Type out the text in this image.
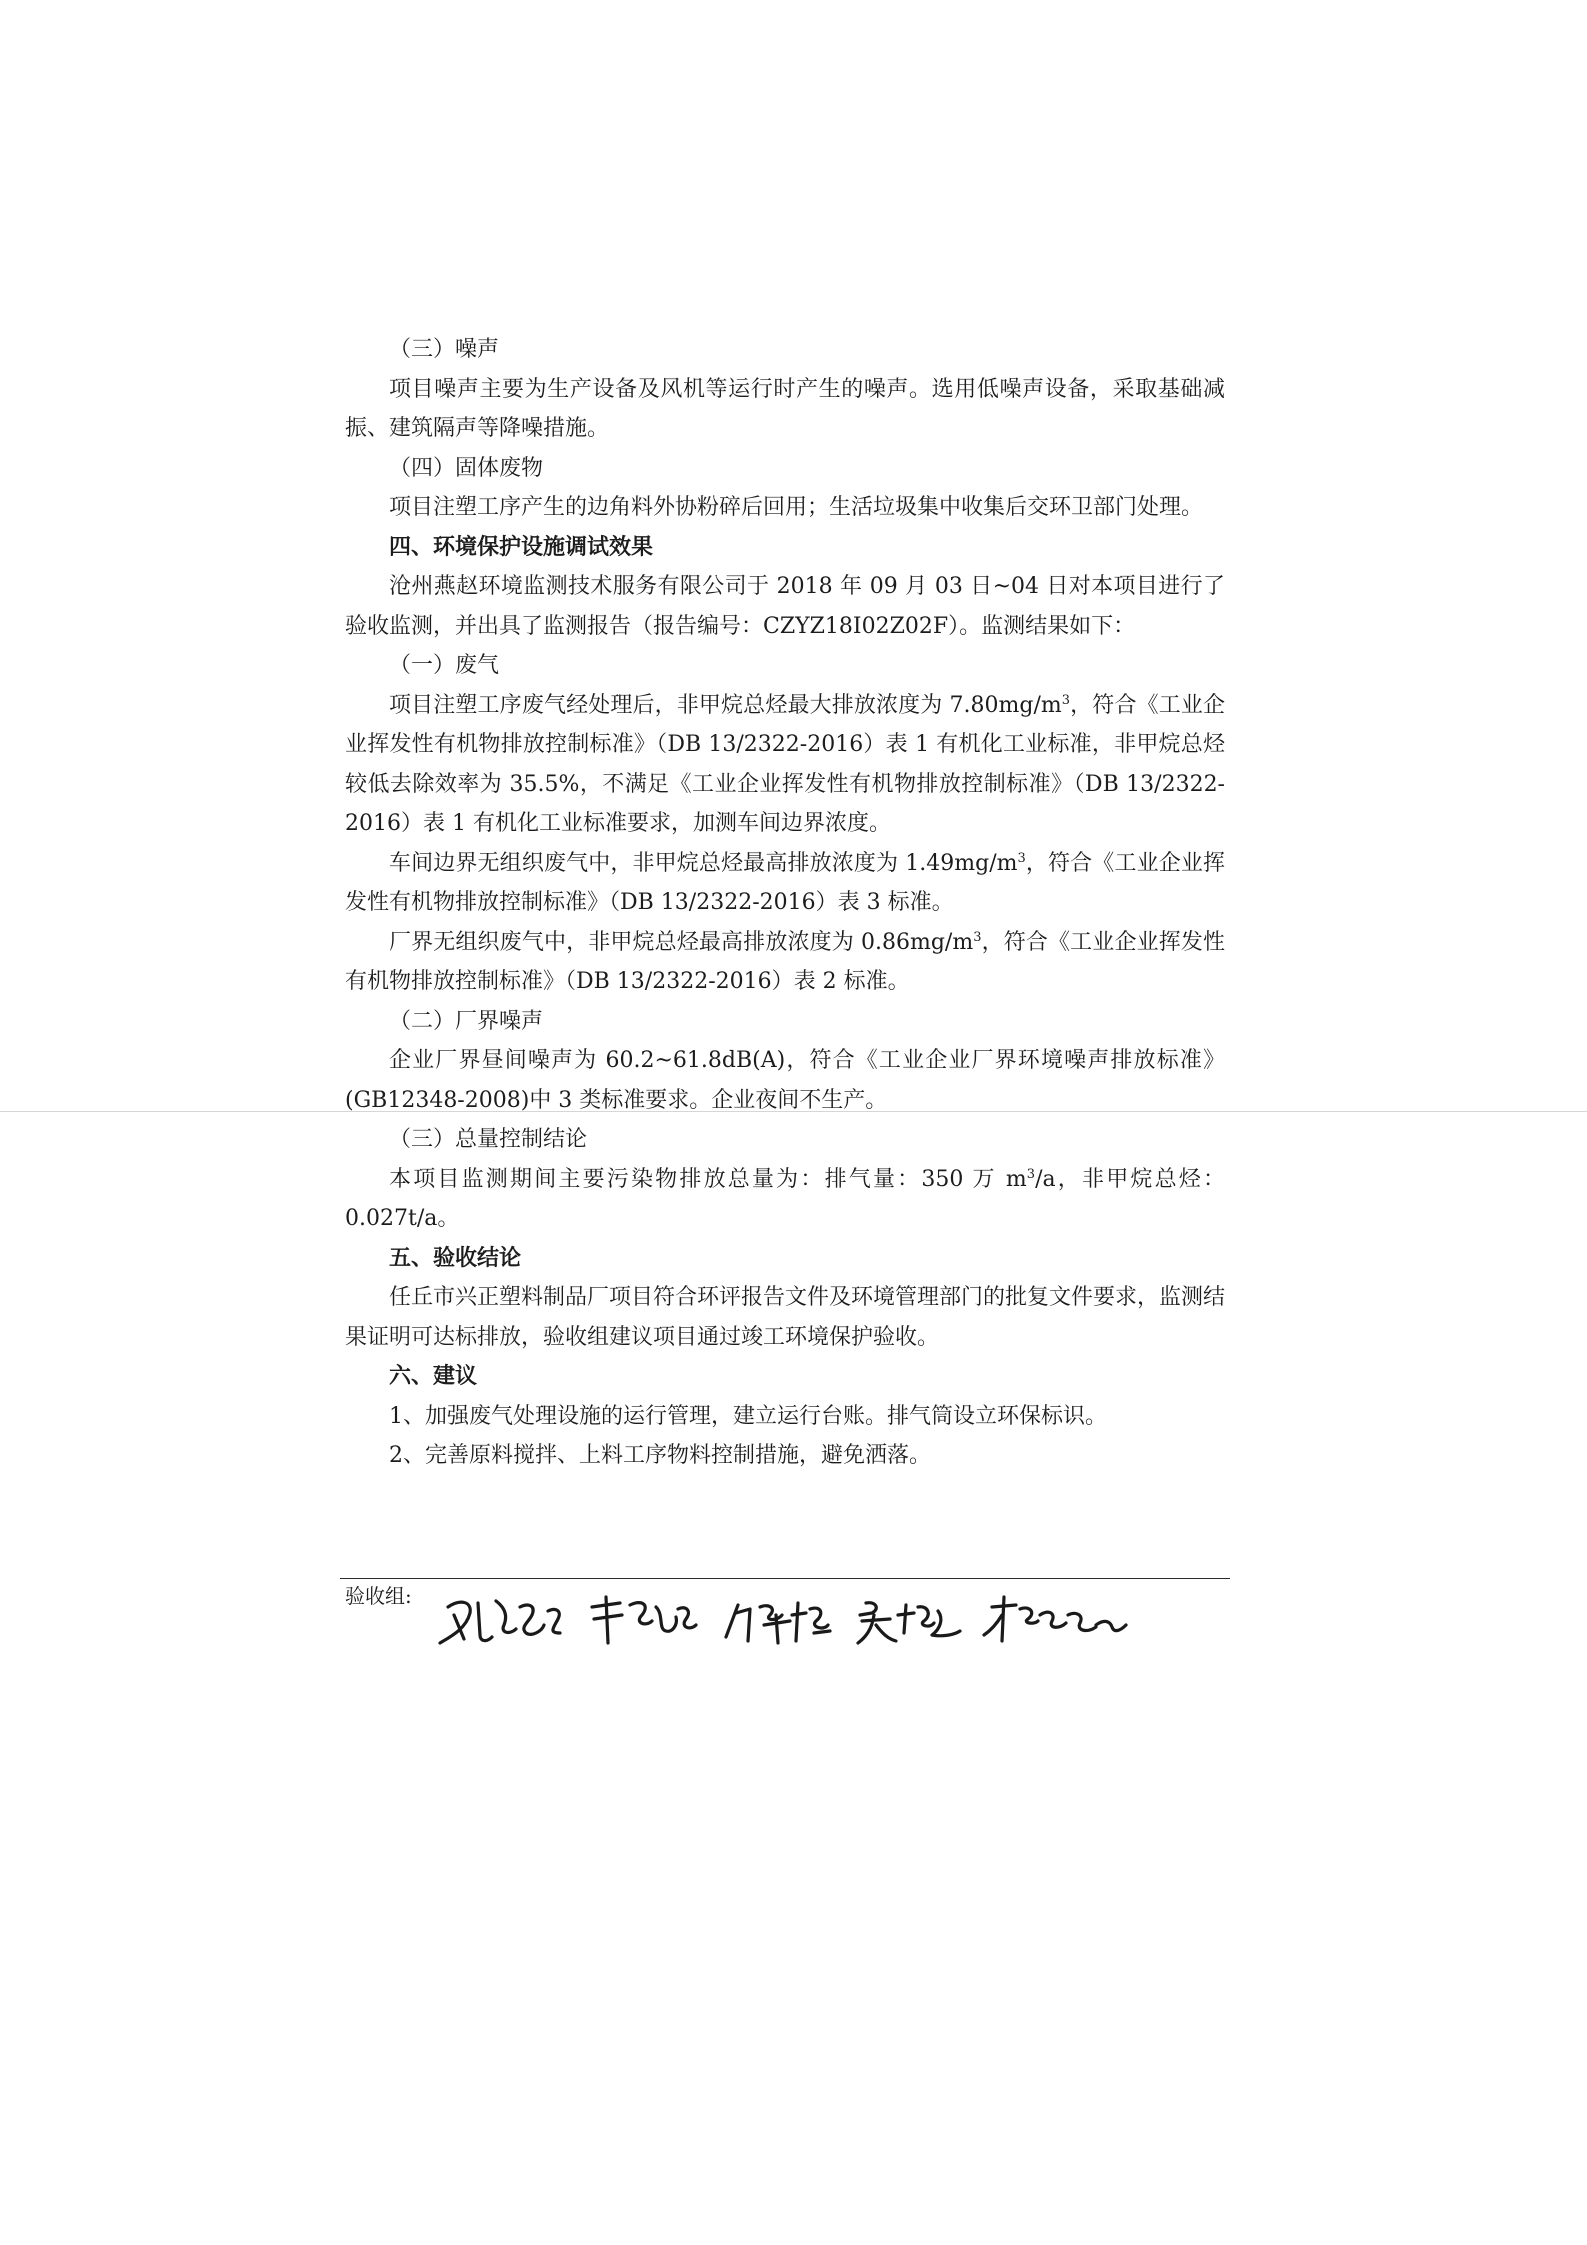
（三）噪声

项目噪声主要为生产设备及风机等运行时产生的噪声。选用低噪声设备，采取基础减振、建筑隔声等降噪措施。

（四）固体废物

项目注塑工序产生的边角料外协粉碎后回用；生活垃圾集中收集后交环卫部门处理。

四、环境保护设施调试效果

沧州燕赵环境监测技术服务有限公司于 2018 年 09 月 03 日~04 日对本项目进行了验收监测，并出具了监测报告（报告编号：CZYZ18I02Z02F）。监测结果如下：

（一）废气

项目注塑工序废气经处理后，非甲烷总烃最大排放浓度为 $7.80mg/m^3$，符合《工业企业挥发性有机物排放控制标准》（DB 13/2322-2016）表 1 有机化工业标准，非甲烷总烃较低去除效率为 35.5%，不满足《工业企业挥发性有机物排放控制标准》（DB 13/2322-2016）表 1 有机化工业标准要求，加测车间边界浓度。

车间边界无组织废气中，非甲烷总烃最高排放浓度为 $1.49mg/m^3$，符合《工业企业挥发性有机物排放控制标准》（DB 13/2322-2016）表 3 标准。

厂界无组织废气中，非甲烷总烃最高排放浓度为 $0.86mg/m^3$，符合《工业企业挥发性有机物排放控制标准》（DB 13/2322-2016）表 2 标准。

（二）厂界噪声

企业厂界昼间噪声为 60.2~61.8dB(A)，符合《工业企业厂界环境噪声排放标准》(GB12348-2008)中 3 类标准要求。企业夜间不生产。

（三）总量控制结论

本项目监测期间主要污染物排放总量为：排气量：350 万 $m^3/a$，非甲烷总烃：0.027t/a。

五、验收结论

任丘市兴正塑料制品厂项目符合环评报告文件及环境管理部门的批复文件要求，监测结果证明可达标排放，验收组建议项目通过竣工环境保护验收。

六、建议

1、加强废气处理设施的运行管理，建立运行台账。排气筒设立环保标识。

2、完善原料搅拌、上料工序物料控制措施，避免洒落。

验收组:
